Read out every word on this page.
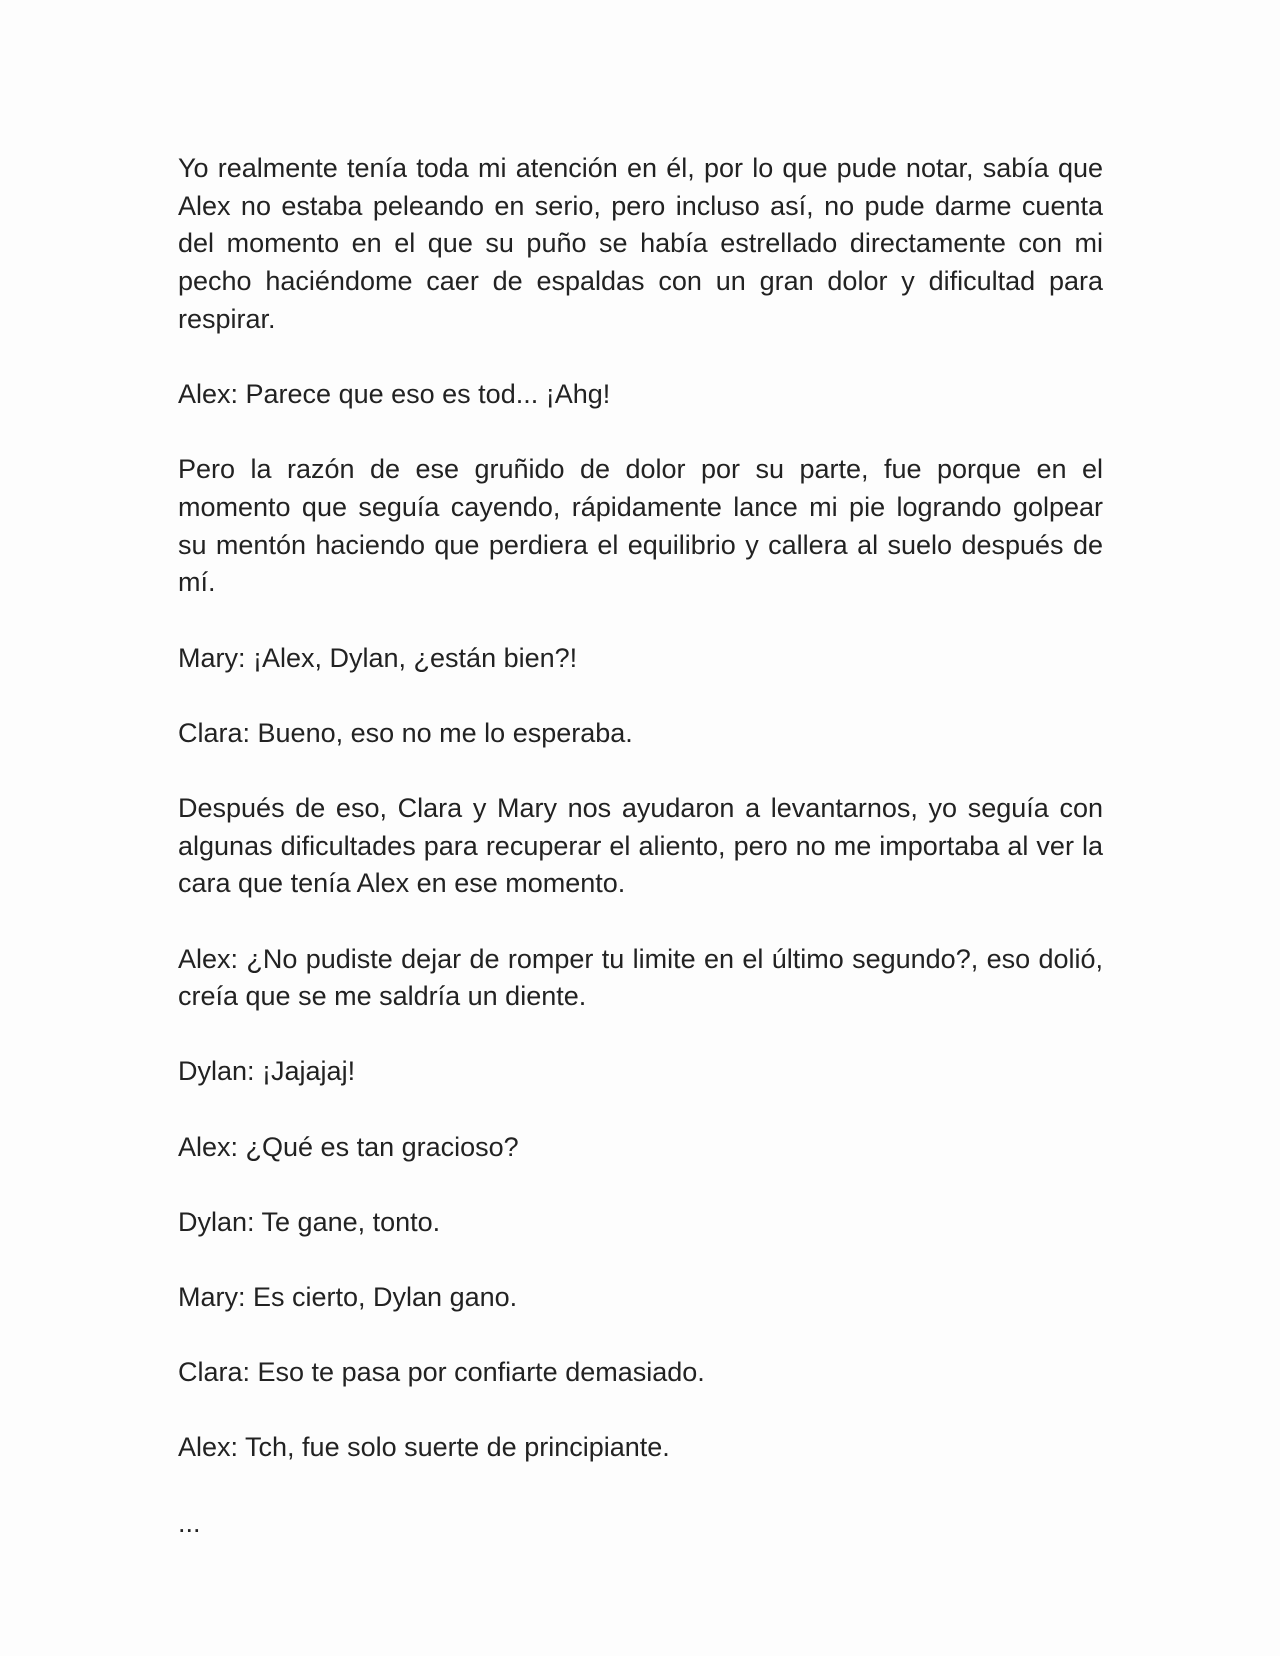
Yo realmente tenía toda mi atención en él, por lo que pude notar, sabía que Alex no estaba peleando en serio, pero incluso así, no pude darme cuenta del momento en el que su puño se había estrellado directamente con mi pecho haciéndome caer de espaldas con un gran dolor y dificultad para respirar.

Alex: Parece que eso es tod... ¡Ahg!

Pero la razón de ese gruñido de dolor por su parte, fue porque en el momento que seguía cayendo, rápidamente lance mi pie logrando golpear su mentón haciendo que perdiera el equilibrio y callera al suelo después de mí.

Mary: ¡Alex, Dylan, ¿están bien?!

Clara: Bueno, eso no me lo esperaba.

Después de eso, Clara y Mary nos ayudaron a levantarnos, yo seguía con algunas dificultades para recuperar el aliento, pero no me importaba al ver la cara que tenía Alex en ese momento.

Alex: ¿No pudiste dejar de romper tu limite en el último segundo?, eso dolió, creía que se me saldría un diente.

Dylan: ¡Jajajaj!

Alex: ¿Qué es tan gracioso?

Dylan: Te gane, tonto.

Mary: Es cierto, Dylan gano.

Clara: Eso te pasa por confiarte demasiado.

Alex: Tch, fue solo suerte de principiante.

...
